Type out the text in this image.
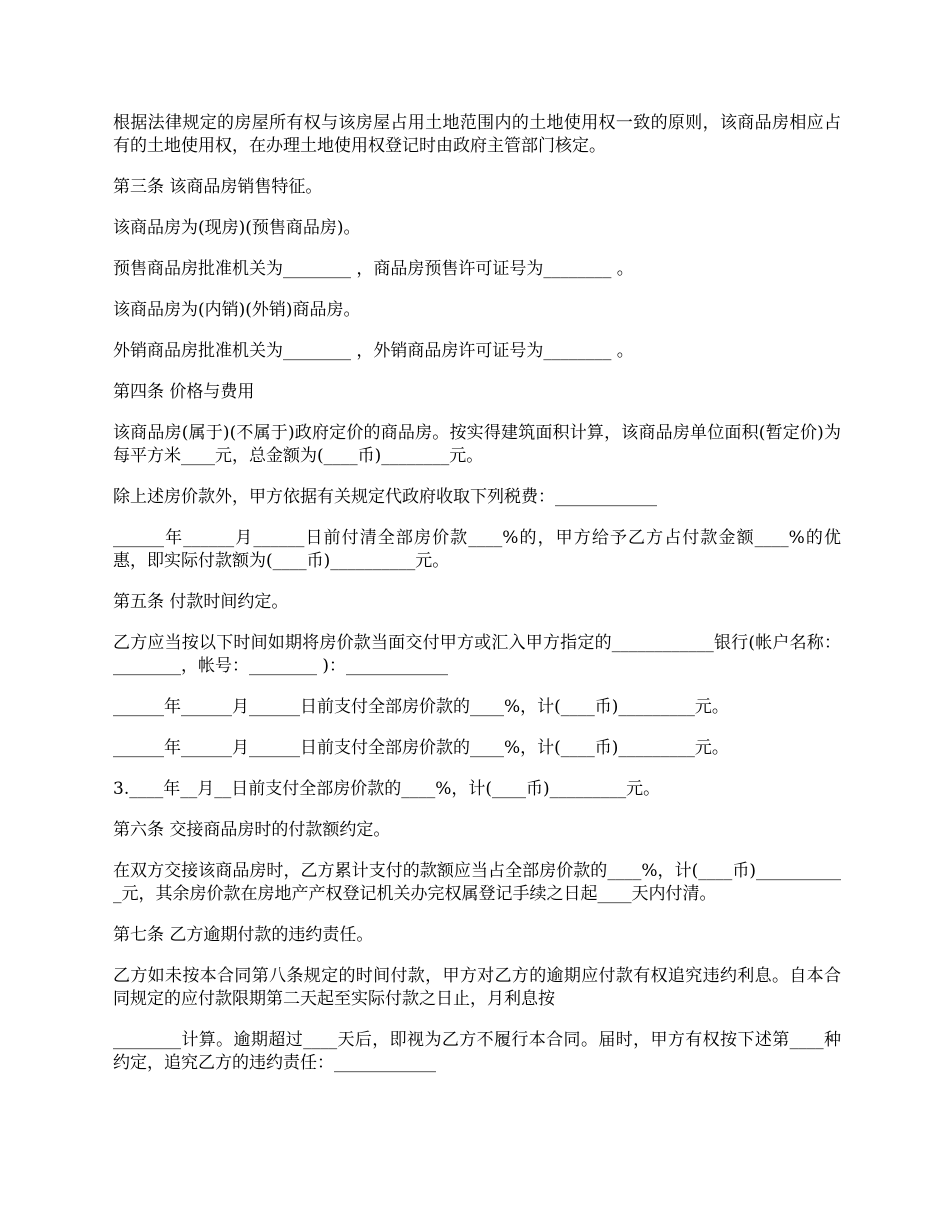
根据法律规定的房屋所有权与该房屋占用土地范围内的土地使用权一致的原则，该商品房相应占有的土地使用权，在办理土地使用权登记时由政府主管部门核定。

第三条 该商品房销售特征。

该商品房为(现房)(预售商品房)。

预售商品房批准机关为________ ，商品房预售许可证号为________ 。

该商品房为(内销)(外销)商品房。

外销商品房批准机关为________ ，外销商品房许可证号为________ 。

第四条 价格与费用

该商品房(属于)(不属于)政府定价的商品房。按实得建筑面积计算，该商品房单位面积(暂定价)为每平方米____元，总金额为(____币)________元。

除上述房价款外，甲方依据有关规定代政府收取下列税费：____________

______年______月______日前付清全部房价款____%的，甲方给予乙方占付款金额____%的优惠，即实际付款额为(____币)__________元。

第五条 付款时间约定。

乙方应当按以下时间如期将房价款当面交付甲方或汇入甲方指定的____________银行(帐户名称：________，帐号：________ )：____________

______年______月______日前支付全部房价款的____%，计(____币)_________元。

______年______月______日前支付全部房价款的____%，计(____币)_________元。

3.____年__月__日前支付全部房价款的____%，计(____币)_________元。

第六条 交接商品房时的付款额约定。

在双方交接该商品房时，乙方累计支付的款额应当占全部房价款的____%，计(____币)___________元，其余房价款在房地产产权登记机关办完权属登记手续之日起____天内付清。

第七条 乙方逾期付款的违约责任。

乙方如未按本合同第八条规定的时间付款，甲方对乙方的逾期应付款有权追究违约利息。自本合同规定的应付款限期第二天起至实际付款之日止，月利息按

________计算。逾期超过____天后，即视为乙方不履行本合同。届时，甲方有权按下述第____种约定，追究乙方的违约责任：____________
